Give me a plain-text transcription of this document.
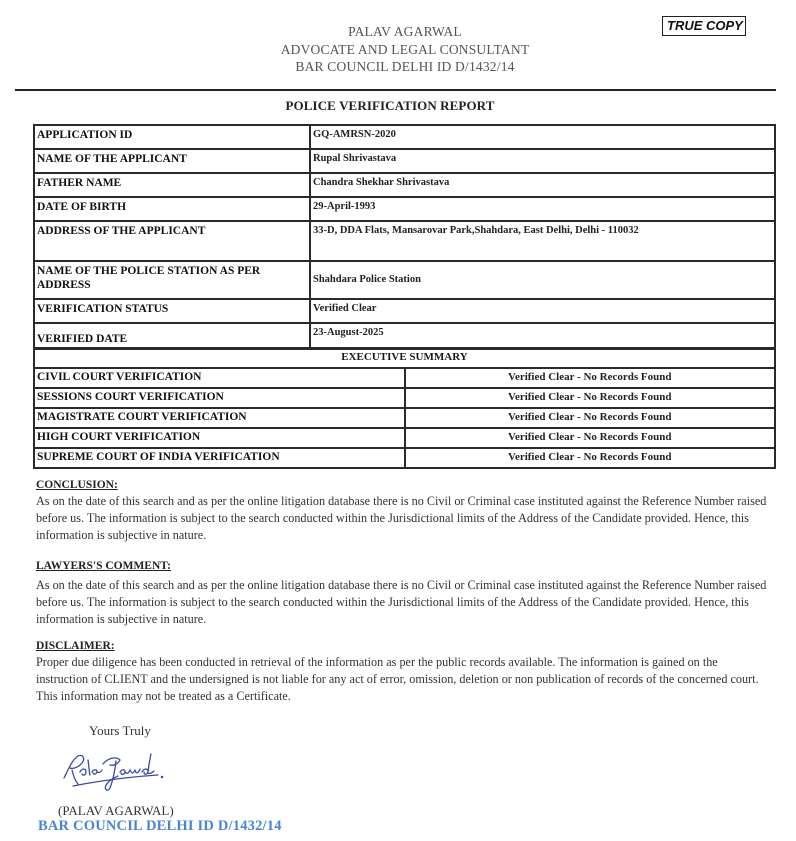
PALAV AGARWAL
ADVOCATE AND LEGAL CONSULTANT
BAR COUNCIL DELHI ID D/1432/14
TRUE COPY
POLICE VERIFICATION REPORT
APPLICATION ID	GQ-AMRSN-2020
NAME OF THE APPLICANT	Rupal Shrivastava
FATHER NAME	Chandra Shekhar Shrivastava
DATE OF BIRTH	29-April-1993
ADDRESS OF THE APPLICANT	33-D, DDA Flats, Mansarovar Park,Shahdara, East Delhi, Delhi - 110032
NAME OF THE POLICE STATION AS PER ADDRESS	Shahdara Police Station
VERIFICATION STATUS	Verified Clear
VERIFIED DATE	23-August-2025
EXECUTIVE SUMMARY	
CIVIL COURT VERIFICATION	Verified Clear - No Records Found
SESSIONS COURT VERIFICATION	Verified Clear - No Records Found
MAGISTRATE COURT VERIFICATION	Verified Clear - No Records Found
HIGH COURT VERIFICATION	Verified Clear - No Records Found
SUPREME COURT OF INDIA VERIFICATION	Verified Clear - No Records Found
CONCLUSION:

As on the date of this search and as per the online litigation database there is no Civil or Criminal case instituted against the Reference Number raised before us. The information is subject to the search conducted within the Jurisdictional limits of the Address of the Candidate provided. Hence, this information is subjective in nature.

LAWYERS'S COMMENT:

As on the date of this search and as per the online litigation database there is no Civil or Criminal case instituted against the Reference Number raised before us. The information is subject to the search conducted within the Jurisdictional limits of the Address of the Candidate provided. Hence, this information is subjective in nature.

DISCLAIMER:

Proper due diligence has been conducted in retrieval of the information as per the public records available. The information is gained on the instruction of CLIENT and the undersigned is not liable for any act of error, omission, deletion or non publication of records of the concerned court. This information may not be treated as a Certificate.

Yours Truly
(PALAV AGARWAL)
BAR COUNCIL DELHI ID D/1432/14
